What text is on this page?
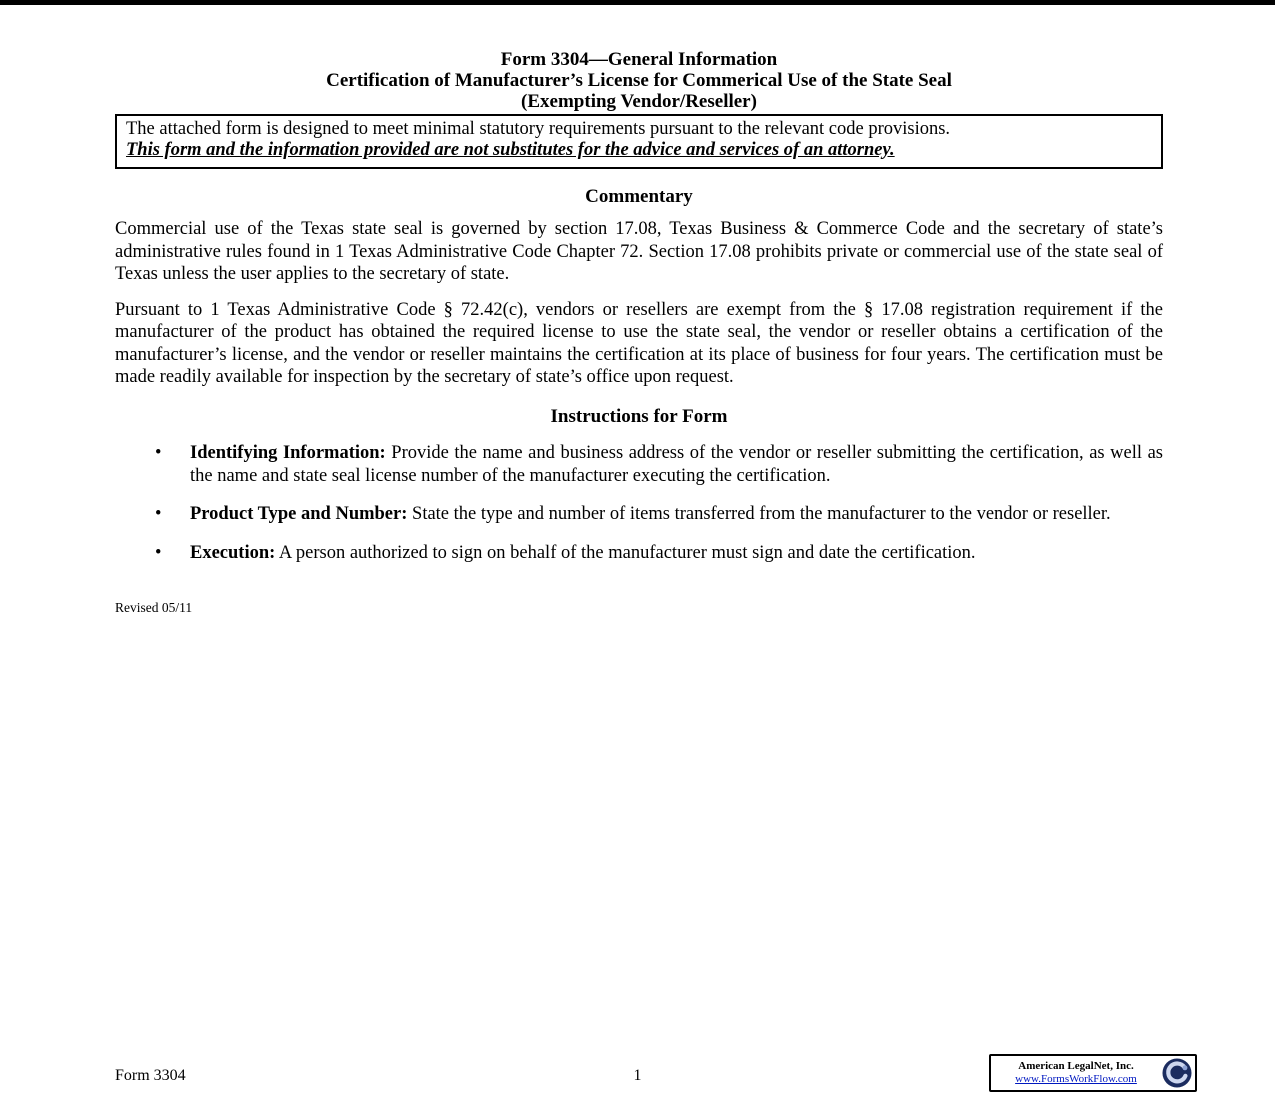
Form 3304—General Information
Certification of Manufacturer’s License for Commerical Use of the State Seal
(Exempting Vendor/Reseller)
The attached form is designed to meet minimal statutory requirements pursuant to the relevant code provisions.
This form and the information provided are not substitutes for the advice and services of an attorney.
Commentary

Commercial use of the Texas state seal is governed by section 17.08, Texas Business & Commerce Code and the secretary of state’s administrative rules found in 1 Texas Administrative Code Chapter 72. Section 17.08 prohibits private or commercial use of the state seal of Texas unless the user applies to the secretary of state.

Pursuant to 1 Texas Administrative Code § 72.42(c), vendors or resellers are exempt from the § 17.08 registration requirement if the manufacturer of the product has obtained the required license to use the state seal, the vendor or reseller obtains a certification of the manufacturer’s license, and the vendor or reseller maintains the certification at its place of business for four years. The certification must be made readily available for inspection by the secretary of state’s office upon request.

Instructions for Form
•	Identifying Information: Provide the name and business address of the vendor or reseller submitting the certification, as well as the name and state seal license number of the manufacturer executing the certification.
•	Product Type and Number: State the type and number of items transferred from the manufacturer to the vendor or reseller.
•	Execution: A person authorized to sign on behalf of the manufacturer must sign and date the certification.
Revised 05/11
Form 3304	1
American LegalNet, Inc.
www.FormsWorkFlow.com
